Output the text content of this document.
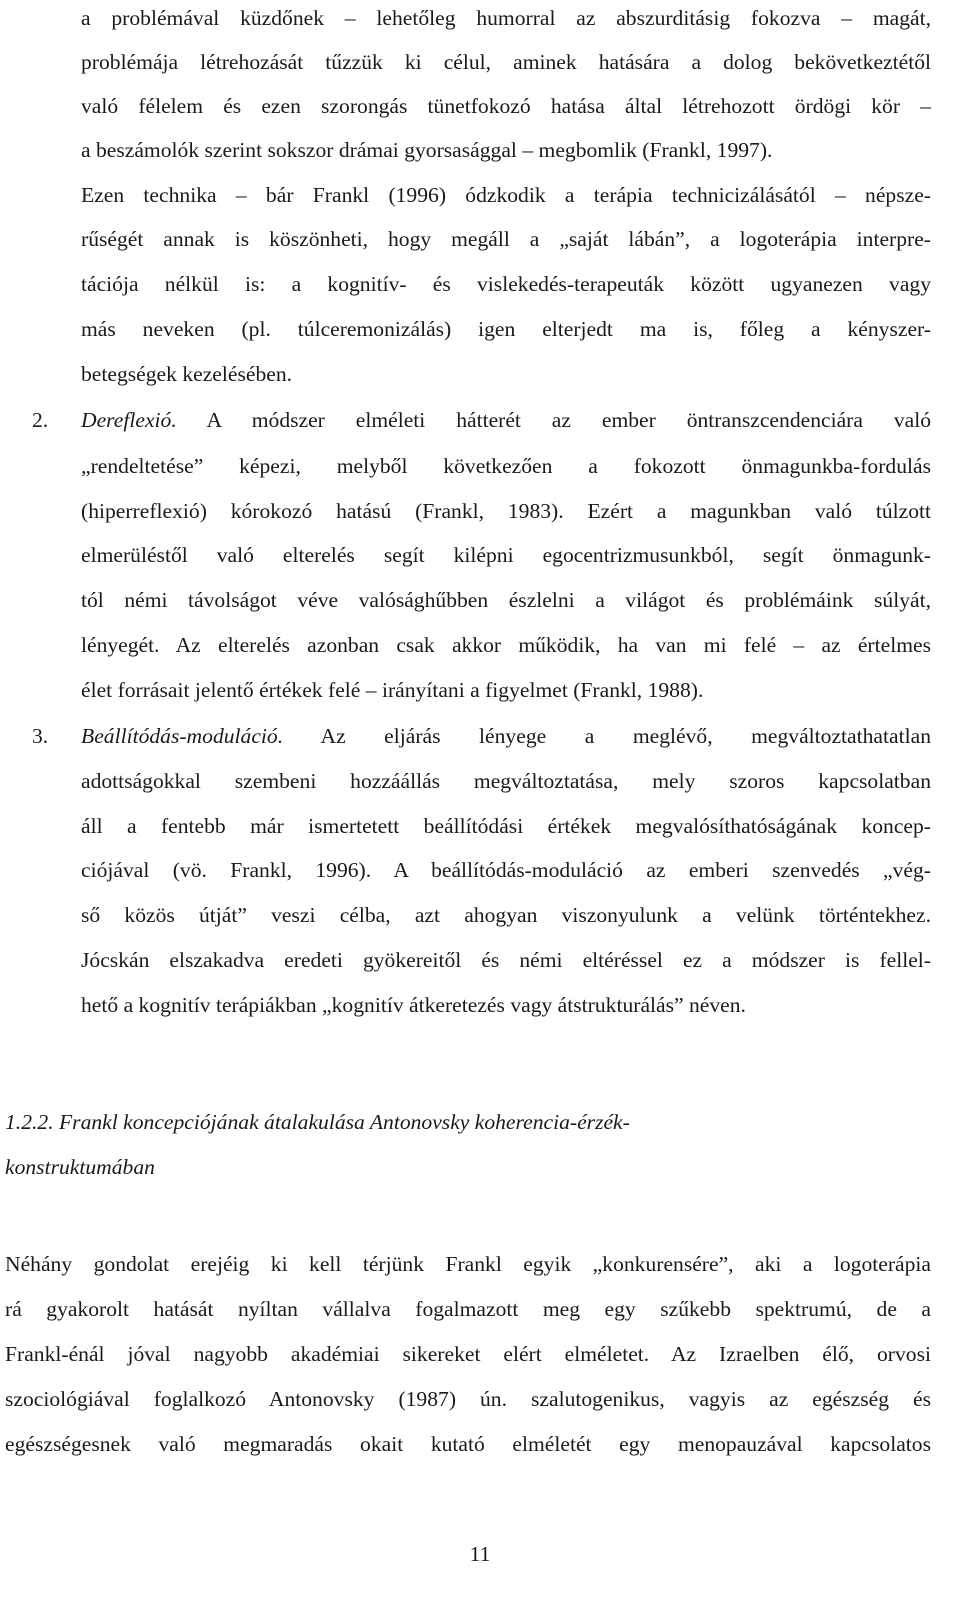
a problémával küzdőnek – lehetőleg humorral az abszurditásig fokozva – magát,
problémája létrehozását tűzzük ki célul, aminek hatására a dolog bekövetkeztétől
való félelem és ezen szorongás tünetfokozó hatása által létrehozott ördögi kör –
a beszámolók szerint sokszor drámai gyorsasággal – megbomlik (Frankl, 1997).
Ezen technika – bár Frankl (1996) ódzkodik a terápia technicizálásától – népsze-
rűségét annak is köszönheti, hogy megáll a „saját lábán”, a logoterápia interpre-
tációja nélkül is: a kognitív- és vislekedés-terapeuták között ugyanezen vagy
más neveken (pl. túlceremonizálás) igen elterjedt ma is, főleg a kényszer-
betegségek kezelésében.
2. Dereflexió. A módszer elméleti hátterét az ember öntranszcendenciára való
„rendeltetése” képezi, melyből következően a fokozott önmagunkba-fordulás
(hiperreflexió) kórokozó hatású (Frankl, 1983). Ezért a magunkban való túlzott
elmerüléstől való elterelés segít kilépni egocentrizmusunkból, segít önmagunk-
tól némi távolságot véve valósághűbben észlelni a világot és problémáink súlyát,
lényegét. Az elterelés azonban csak akkor működik, ha van mi felé – az értelmes
élet forrásait jelentő értékek felé – irányítani a figyelmet (Frankl, 1988).
3. Beállítódás-moduláció. Az eljárás lényege a meglévő, megváltoztathatatlan
adottságokkal szembeni hozzáállás megváltoztatása, mely szoros kapcsolatban
áll a fentebb már ismertetett beállítódási értékek megvalósíthatóságának koncep-
ciójával (vö. Frankl, 1996). A beállítódás-moduláció az emberi szenvedés „vég-
ső közös útját” veszi célba, azt ahogyan viszonyulunk a velünk történtekhez.
Jócskán elszakadva eredeti gyökereitől és némi eltéréssel ez a módszer is fellel-
hető a kognitív terápiákban „kognitív átkeretezés vagy átstrukturálás” néven.
1.2.2. Frankl koncepciójának átalakulása Antonovsky koherencia-érzék-
konstruktumában
Néhány gondolat erejéig ki kell térjünk Frankl egyik „konkurensére”, aki a logoterápia
rá gyakorolt hatását nyíltan vállalva fogalmazott meg egy szűkebb spektrumú, de a
Frankl-énál jóval nagyobb akadémiai sikereket elért elméletet. Az Izraelben élő, orvosi
szociológiával foglalkozó Antonovsky (1987) ún. szalutogenikus, vagyis az egészség és
egészségesnek való megmaradás okait kutató elméletét egy menopauzával kapcsolatos
11
